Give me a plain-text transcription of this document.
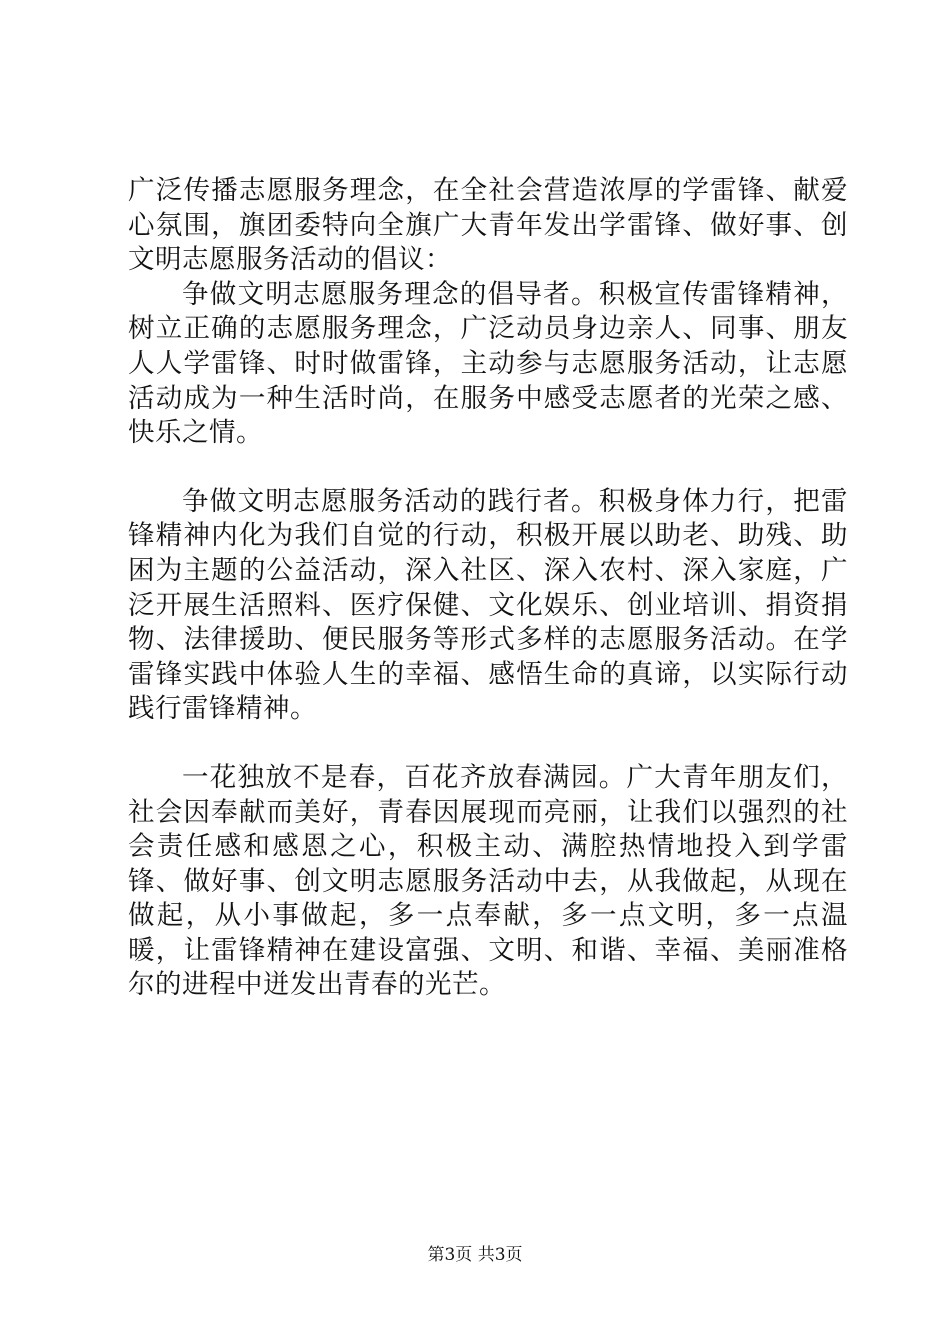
广泛传播志愿服务理念，在全社会营造浓厚的学雷锋、献爱心氛围，旗团委特向全旗广大青年发出学雷锋、做好事、创文明志愿服务活动的倡议：

争做文明志愿服务理念的倡导者。积极宣传雷锋精神，树立正确的志愿服务理念，广泛动员身边亲人、同事、朋友人人学雷锋、时时做雷锋，主动参与志愿服务活动，让志愿活动成为一种生活时尚，在服务中感受志愿者的光荣之感、快乐之情。

争做文明志愿服务活动的践行者。积极身体力行，把雷锋精神内化为我们自觉的行动，积极开展以助老、助残、助困为主题的公益活动，深入社区、深入农村、深入家庭，广泛开展生活照料、医疗保健、文化娱乐、创业培训、捐资捐物、法律援助、便民服务等形式多样的志愿服务活动。在学雷锋实践中体验人生的幸福、感悟生命的真谛，以实际行动践行雷锋精神。

一花独放不是春，百花齐放春满园。广大青年朋友们，社会因奉献而美好，青春因展现而亮丽，让我们以强烈的社会责任感和感恩之心，积极主动、满腔热情地投入到学雷锋、做好事、创文明志愿服务活动中去，从我做起，从现在做起，从小事做起，多一点奉献，多一点文明，多一点温暖，让雷锋精神在建设富强、文明、和谐、幸福、美丽准格尔的进程中迸发出青春的光芒。

第3页 共3页
